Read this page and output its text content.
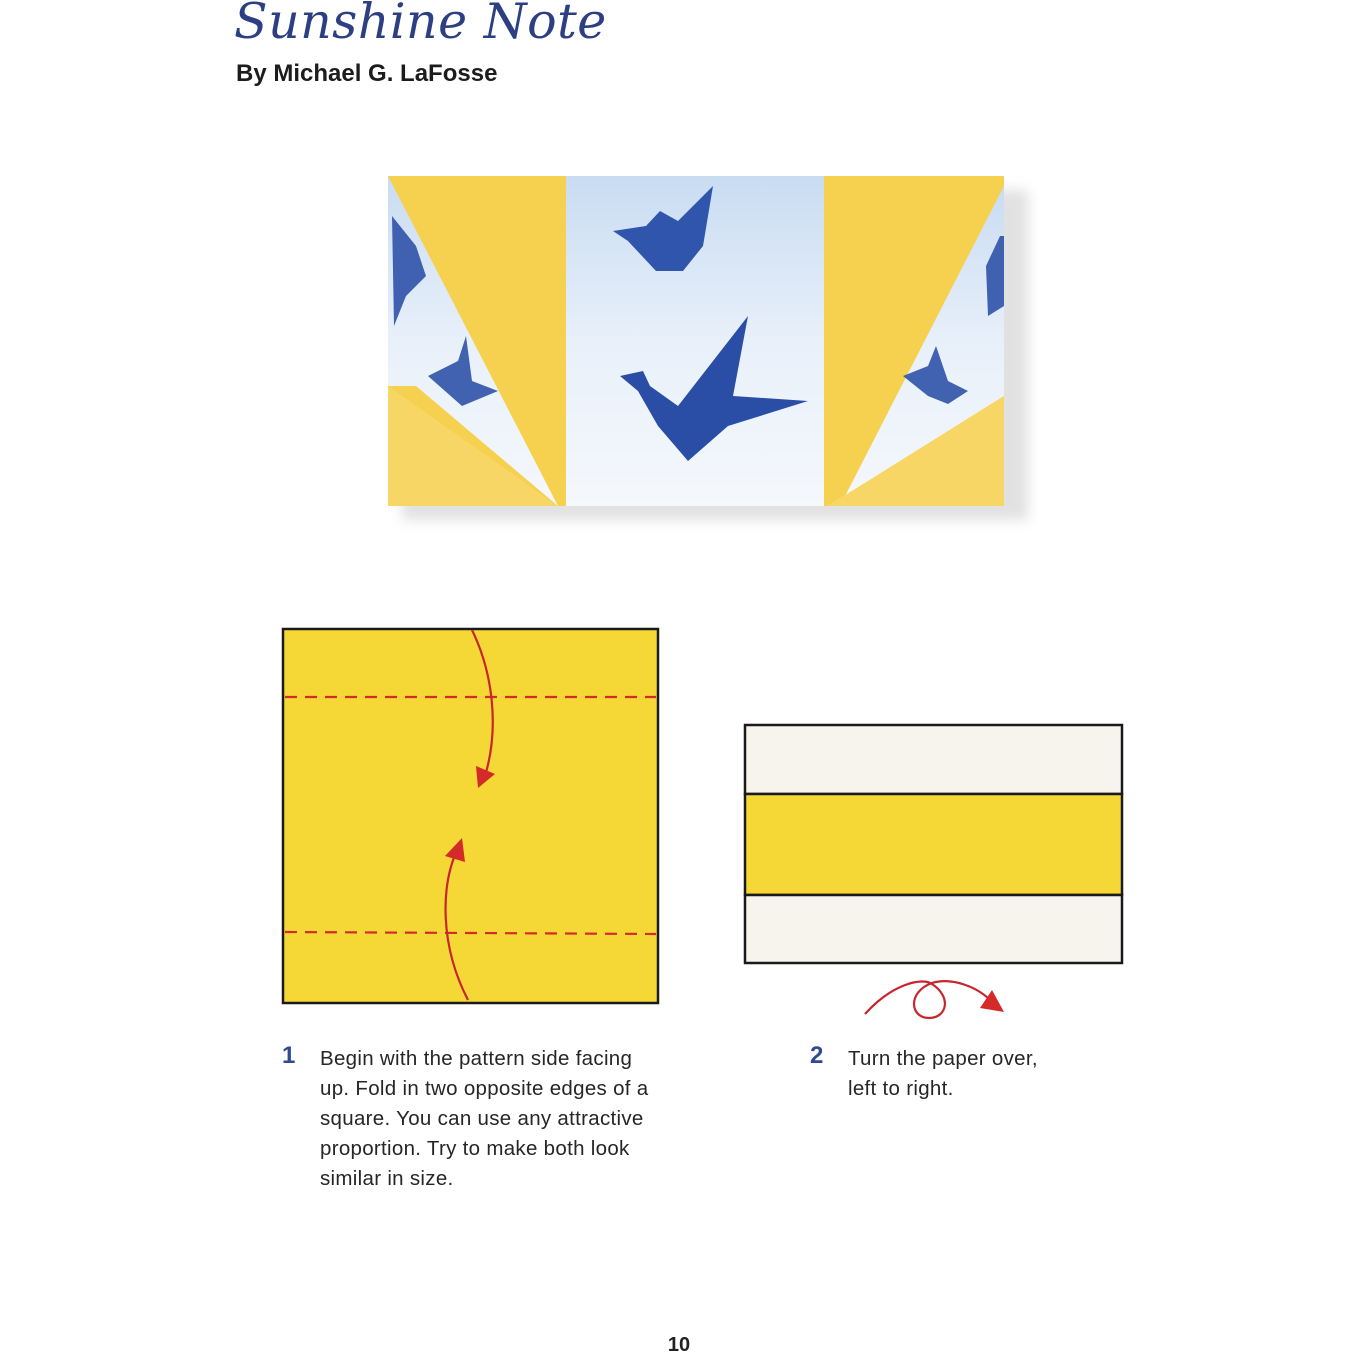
Sunshine Note
By Michael G. LaFosse
1 Begin with the pattern side facing
up. Fold in two opposite edges of a
square. You can use any attractive
proportion. Try to make both look
similar in size.
2 Turn the paper over,
left to right.
10
